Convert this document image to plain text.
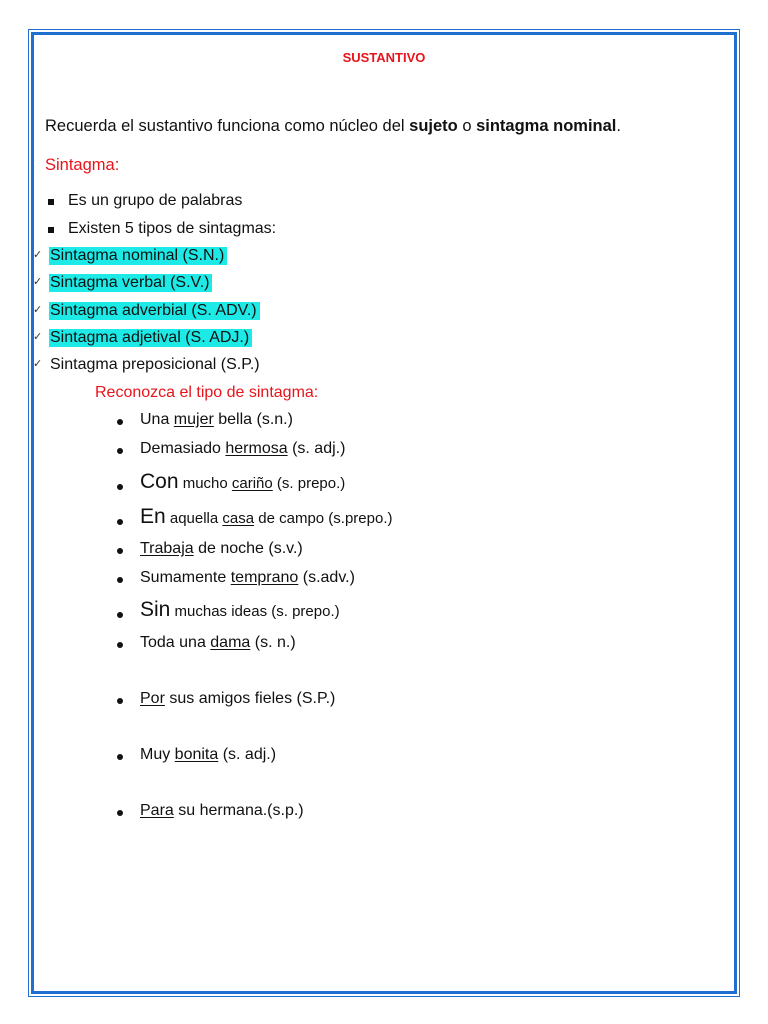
SUSTANTIVO
Recuerda el sustantivo funciona como núcleo del sujeto o sintagma nominal.
Sintagma:
Es un grupo de palabras
Existen 5 tipos de sintagmas:
✓ Sintagma nominal (S.N.)
✓ Sintagma verbal (S.V.)
✓ Sintagma adverbial (S. ADV.)
✓ Sintagma adjetival (S. ADJ.)
✓ Sintagma preposicional (S.P.)
Reconozca el tipo de sintagma:
Una mujer bella (s.n.)
Demasiado hermosa (s. adj.)
Con mucho cariño (s. prepo.)
En aquella casa de campo (s.prepo.)
Trabaja de noche (s.v.)
Sumamente temprano (s.adv.)
Sin muchas ideas (s. prepo.)
Toda una dama (s. n.)
Por sus amigos fieles (S.P.)
Muy bonita (s. adj.)
Para su hermana.(s.p.)
